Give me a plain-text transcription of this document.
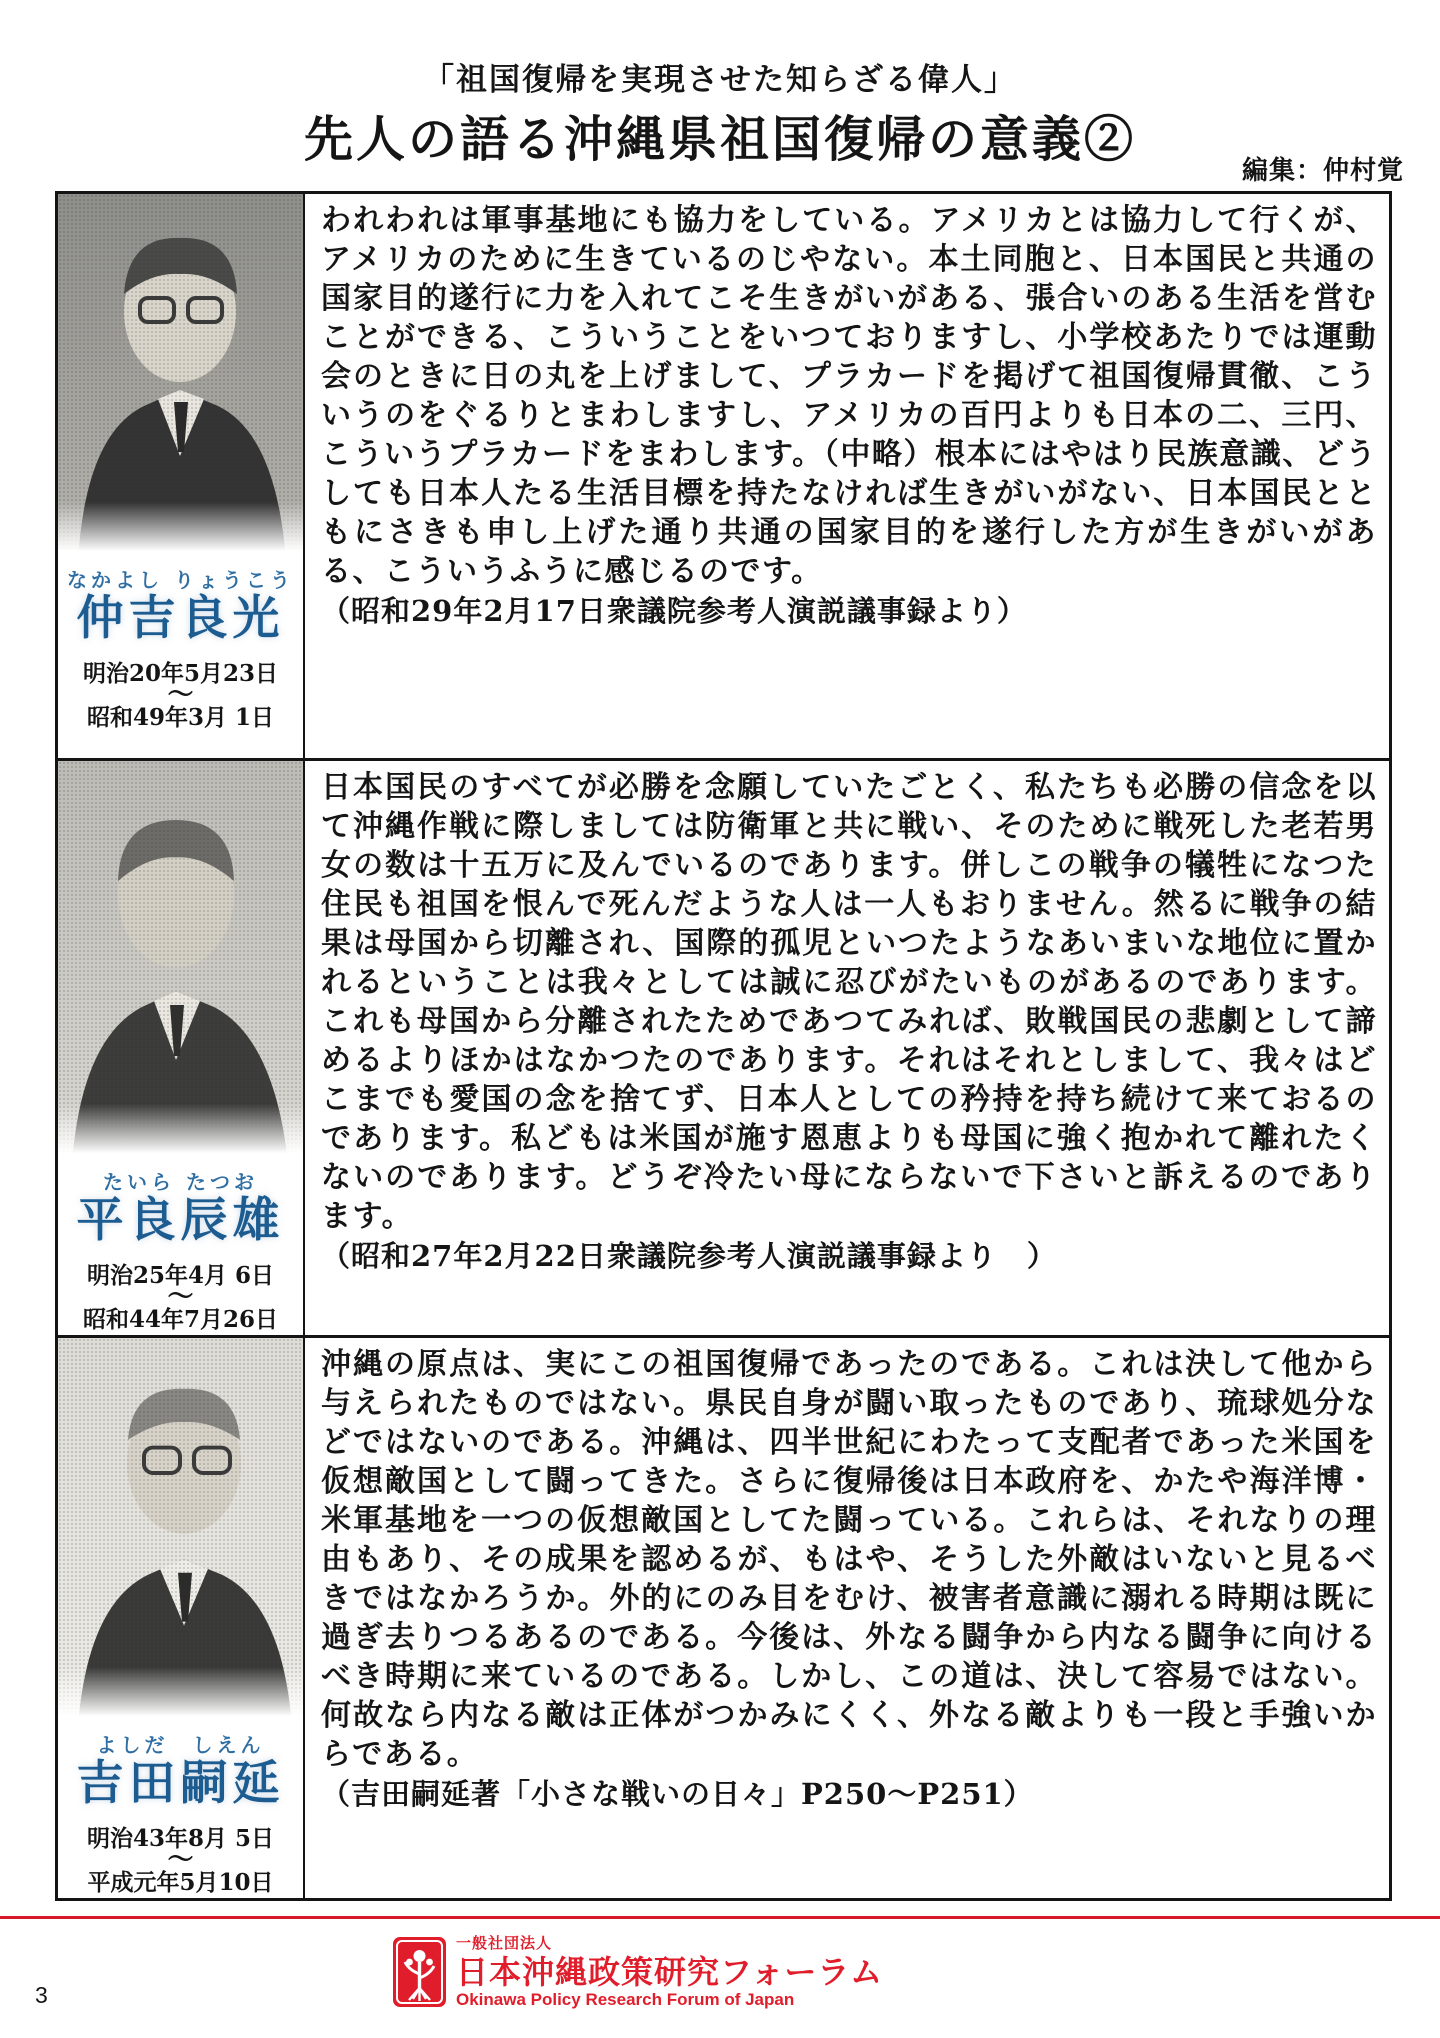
「祖国復帰を実現させた知らざる偉人」
先人の語る沖縄県祖国復帰の意義②
編集：仲村覚
なかよし りょうこう
仲吉良光
明治20年5月23日
～
昭和49年3月 1日

われわれは軍事基地にも協力をしている。アメリカとは協力して行くが、アメリカのために生きているのじやない。本土同胞と、日本国民と共通の国家目的遂行に力を入れてこそ生きがいがある、張合いのある生活を営むことができる、こういうことをいつておりますし、小学校あたりでは運動会のときに日の丸を上げまして、プラカードを掲げて祖国復帰貫徹、こういうのをぐるりとまわしますし、アメリカの百円よりも日本の二、三円、こういうプラカードをまわします。（中略）根本にはやはり民族意識、どうしても日本人たる生活目標を持たなければ生きがいがない、日本国民とともにさきも申し上げた通り共通の国家目的を遂行した方が生きがいがある、こういうふうに感じるのです。

（昭和29年2月17日衆議院参考人演説議事録より）

たいら たつお
平良辰雄
明治25年4月 6日
～
昭和44年7月26日

日本国民のすべてが必勝を念願していたごとく、私たちも必勝の信念を以て沖縄作戦に際しましては防衛軍と共に戦い、そのために戦死した老若男女の数は十五万に及んでいるのであります。併しこの戦争の犠牲になつた住民も祖国を恨んで死んだような人は一人もおりません。然るに戦争の結果は母国から切離され、国際的孤児といつたようなあいまいな地位に置かれるということは我々としては誠に忍びがたいものがあるのであります。これも母国から分離されたためであつてみれば、敗戦国民の悲劇として諦めるよりほかはなかつたのであります。それはそれとしまして、我々はどこまでも愛国の念を捨てず、日本人としての矜持を持ち続けて来ておるのであります。私どもは米国が施す恩恵よりも母国に強く抱かれて離れたくないのであります。どうぞ冷たい母にならないで下さいと訴えるのであります。

（昭和27年2月22日衆議院参考人演説議事録より　）

よしだ　しえん
吉田嗣延
明治43年8月 5日
～
平成元年5月10日

沖縄の原点は、実にこの祖国復帰であったのである。これは決して他から与えられたものではない。県民自身が闘い取ったものであり、琉球処分などではないのである。沖縄は、四半世紀にわたって支配者であった米国を仮想敵国として闘ってきた。さらに復帰後は日本政府を、かたや海洋博・米軍基地を一つの仮想敵国としてた闘っている。これらは、それなりの理由もあり、その成果を認めるが、もはや、そうした外敵はいないと見るべきではなかろうか。外的にのみ目をむけ、被害者意識に溺れる時期は既に過ぎ去りつるあるのである。今後は、外なる闘争から内なる闘争に向けるべき時期に来ているのである。しかし、この道は、決して容易ではない。何故なら内なる敵は正体がつかみにくく、外なる敵よりも一段と手強いからである。

（吉田嗣延著「小さな戦いの日々」P250～P251）

一般社団法人
日本沖縄政策研究フォーラム
Okinawa Policy Research Forum of Japan
3
